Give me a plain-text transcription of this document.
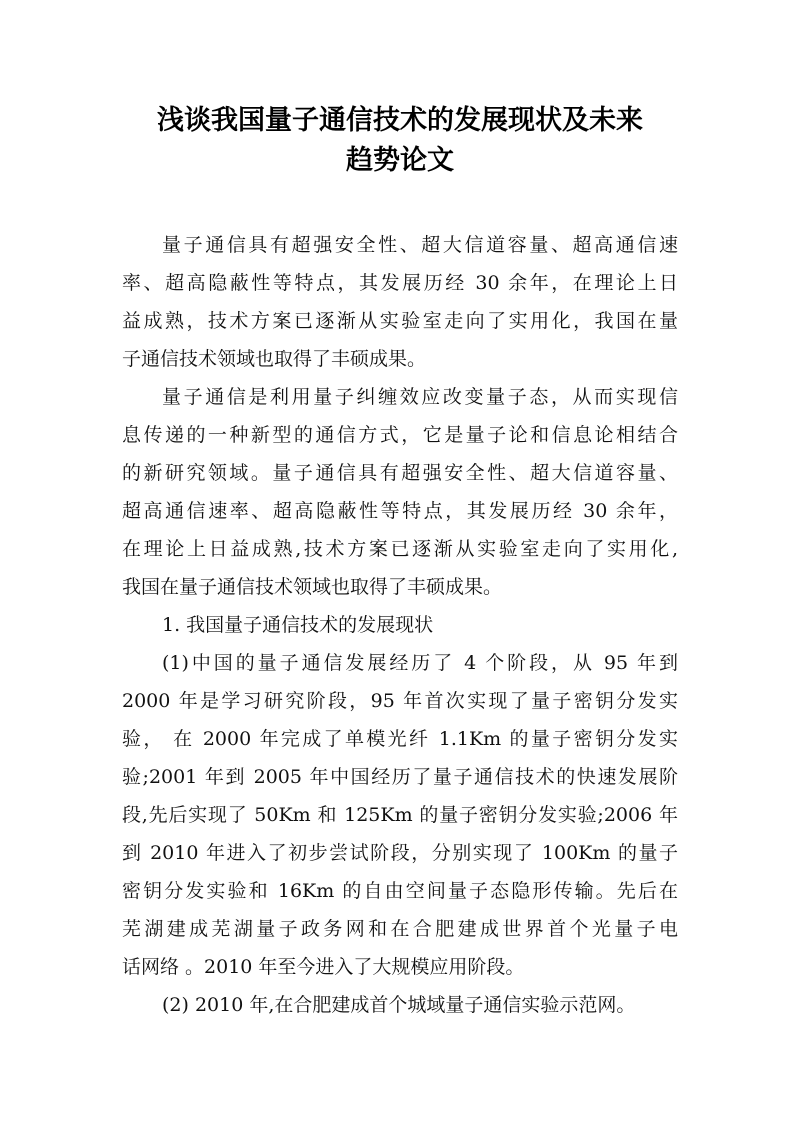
浅谈我国量子通信技术的发展现状及未来
趋势论文
量子通信具有超强安全性、超大信道容量、超高通信速
率、超高隐蔽性等特点，其发展历经 30 余年，在理论上日
益成熟，技术方案已逐渐从实验室走向了实用化，我国在量
子通信技术领域也取得了丰硕成果。
量子通信是利用量子纠缠效应改变量子态，从而实现信
息传递的一种新型的通信方式，它是量子论和信息论相结合
的新研究领域。量子通信具有超强安全性、超大信道容量、
超高通信速率、超高隐蔽性等特点，其发展历经 30 余年，
在理论上日益成熟,技术方案已逐渐从实验室走向了实用化,
我国在量子通信技术领域也取得了丰硕成果。
1. 我国量子通信技术的发展现状
(1)中国的量子通信发展经历了 4 个阶段，从 95 年到
2000 年是学习研究阶段，95 年首次实现了量子密钥分发实
验， 在 2000 年完成了单模光纤 1.1Km 的量子密钥分发实
验;2001 年到 2005 年中国经历了量子通信技术的快速发展阶
段,先后实现了 50Km 和 125Km 的量子密钥分发实验;2006 年
到 2010 年进入了初步尝试阶段，分别实现了 100Km 的量子
密钥分发实验和 16Km 的自由空间量子态隐形传输。先后在
芜湖建成芜湖量子政务网和在合肥建成世界首个光量子电
话网络 。2010 年至今进入了大规模应用阶段。
(2) 2010 年,在合肥建成首个城域量子通信实验示范网。
